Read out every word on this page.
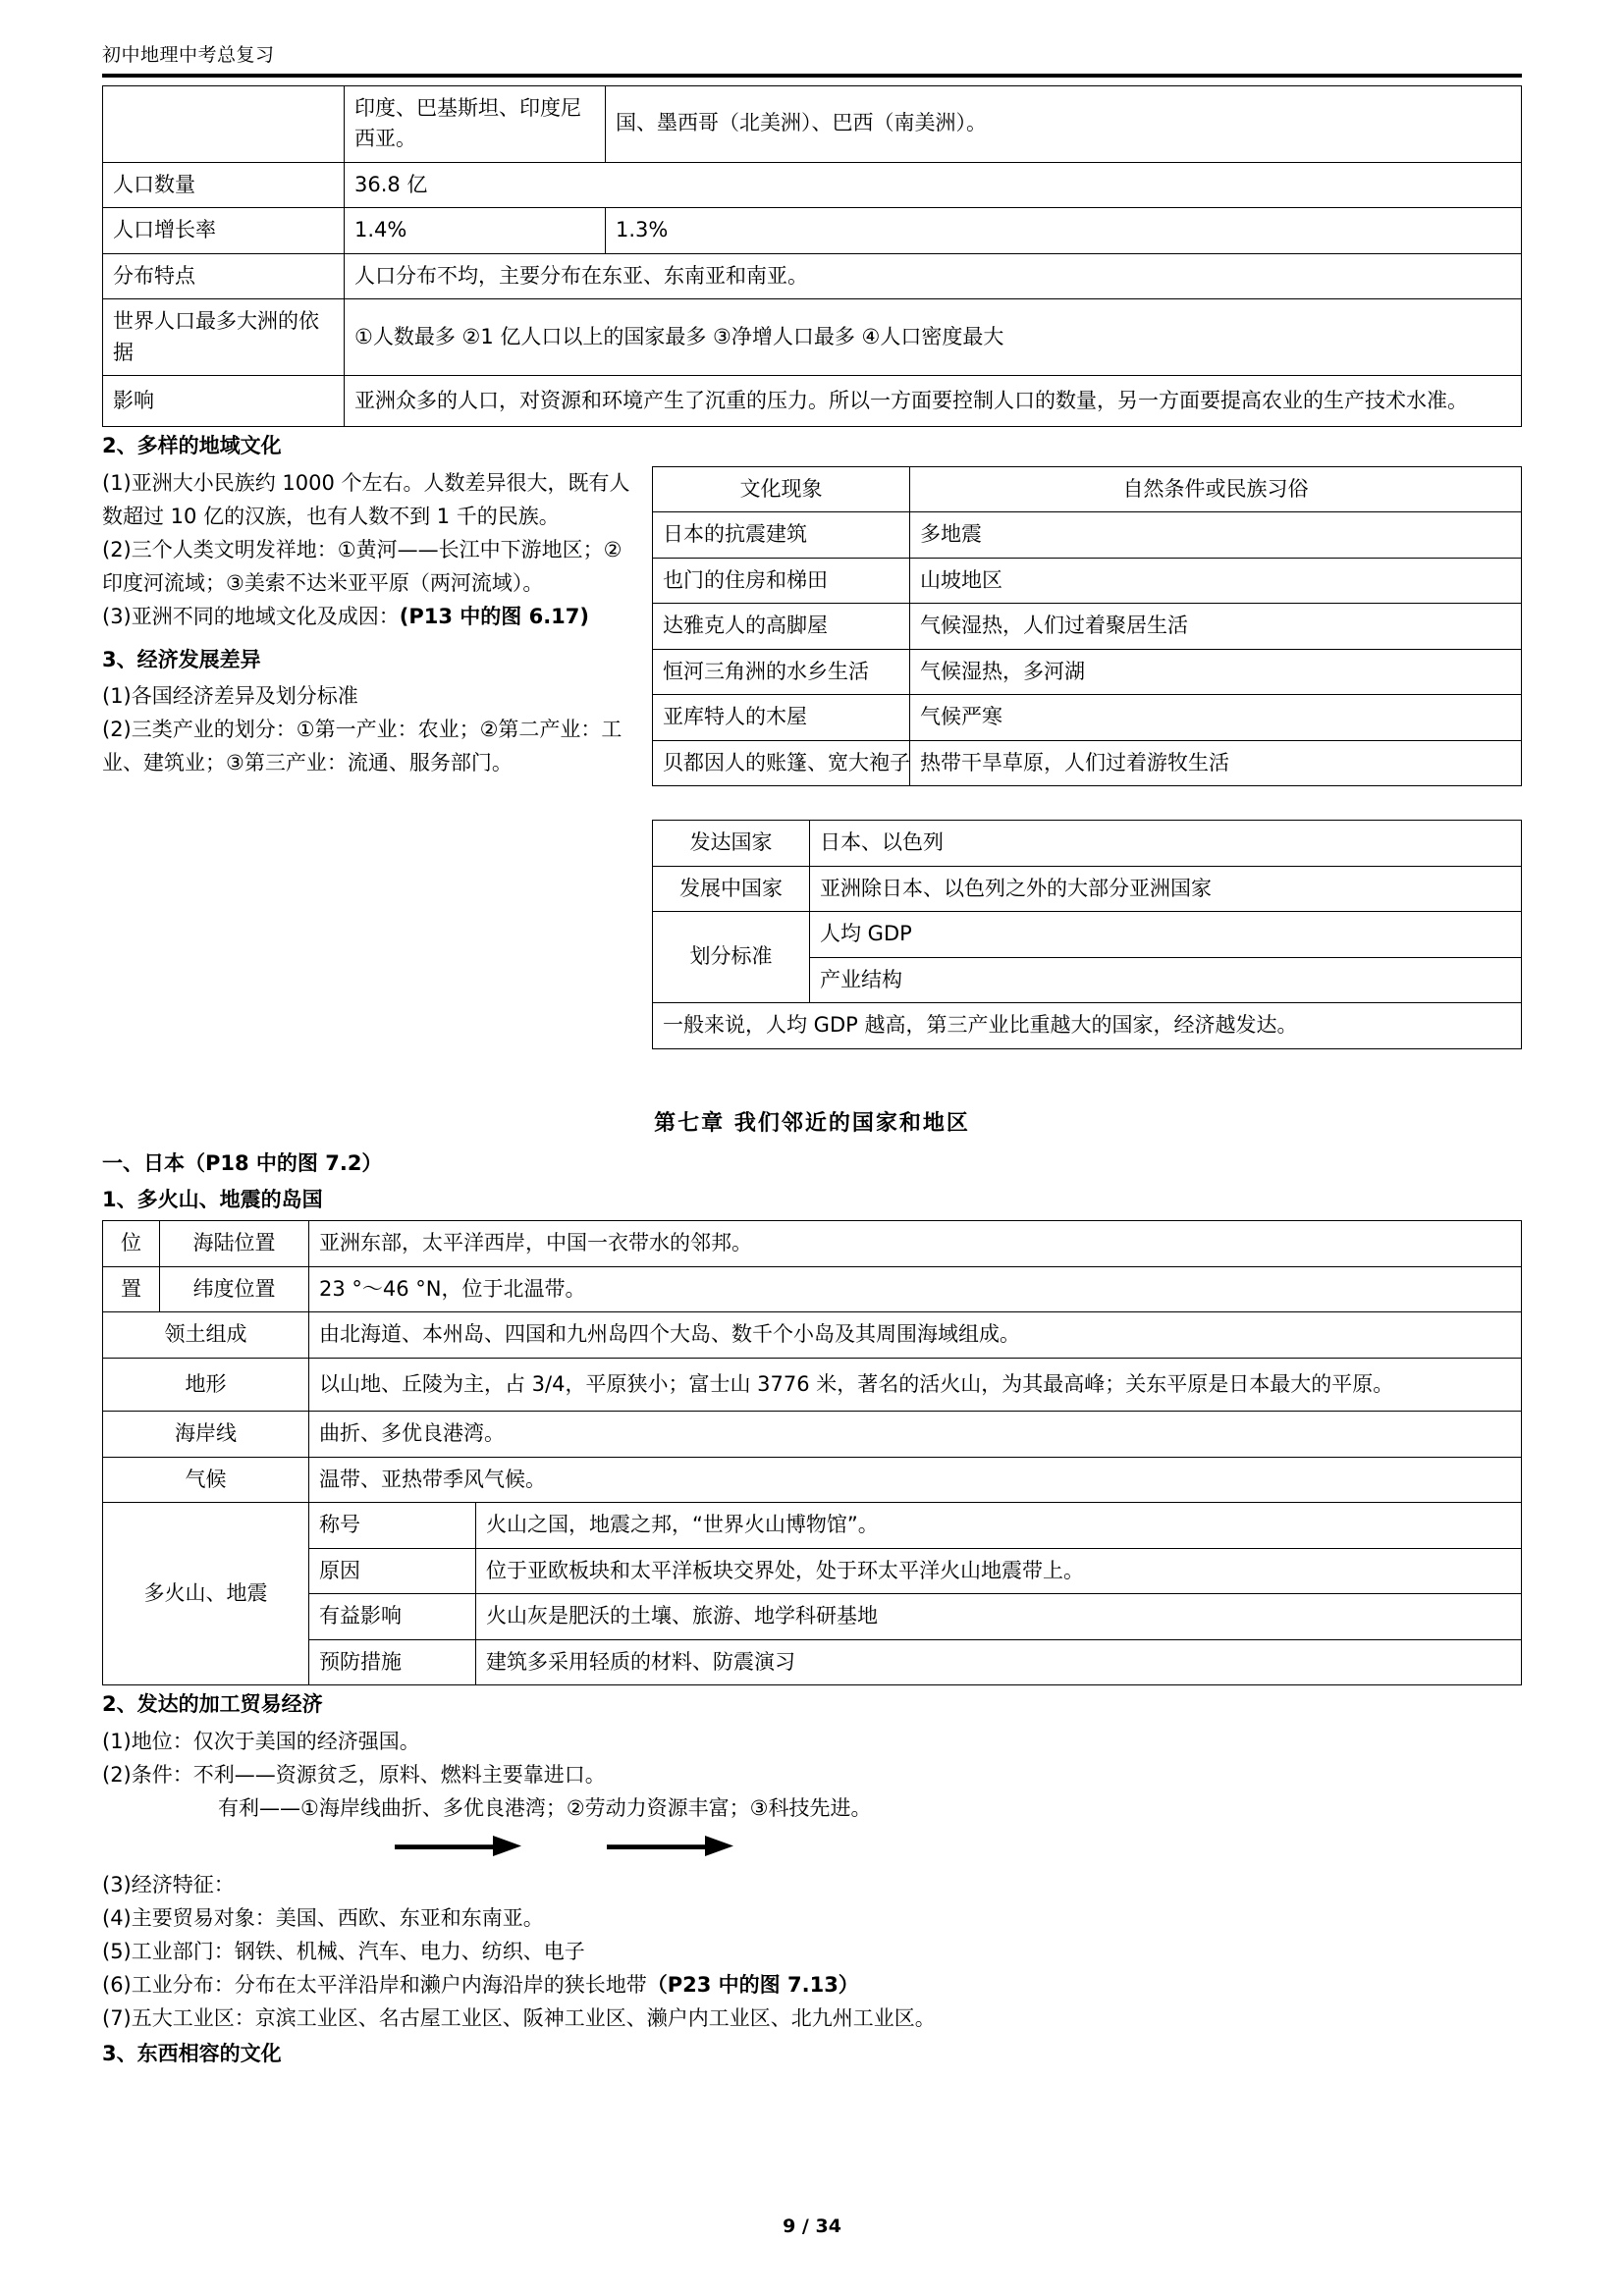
初中地理中考总复习
	印度、巴基斯坦、印度尼西亚。	国、墨西哥（北美洲）、巴西（南美洲）。
人口数量	36.8 亿	
人口增长率	1.4%	1.3%
分布特点	人口分布不均，主要分布在东亚、东南亚和南亚。	
世界人口最多大洲的依据	①人数最多 ②1 亿人口以上的国家最多 ③净增人口最多 ④人口密度最大	
影响	亚洲众多的人口，对资源和环境产生了沉重的压力。所以一方面要控制人口的数量，另一方面要提高农业的生产技术水准。	
2、多样的地域文化

(1)亚洲大小民族约 1000 个左右。人数差异很大，既有人数超过 10 亿的汉族，也有人数不到 1 千的民族。

(2)三个人类文明发祥地：①黄河——长江中下游地区；②印度河流域；③美索不达米亚平原（两河流域）。

(3)亚洲不同的地域文化及成因：(P13 中的图 6.17)

3、经济发展差异

(1)各国经济差异及划分标准

(2)三类产业的划分：①第一产业：农业；②第二产业：工业、建筑业；③第三产业：流通、服务部门。

文化现象	自然条件或民族习俗
日本的抗震建筑	多地震
也门的住房和梯田	山坡地区
达雅克人的高脚屋	气候湿热，人们过着聚居生活
恒河三角洲的水乡生活	气候湿热，多河湖
亚库特人的木屋	气候严寒
贝都因人的账篷、宽大袍子	热带干旱草原，人们过着游牧生活
发达国家	日本、以色列
发展中国家	亚洲除日本、以色列之外的大部分亚洲国家
划分标准	人均 GDP
	产业结构
一般来说，人均 GDP 越高，第三产业比重越大的国家，经济越发达。	
第七章 我们邻近的国家和地区
一、日本（P18 中的图 7.2）
1、多火山、地震的岛国
位	海陆位置	亚洲东部，太平洋西岸，中国一衣带水的邻邦。	
置	纬度位置	23 °～46 °N，位于北温带。	
领土组成		由北海道、本州岛、四国和九州岛四个大岛、数千个小岛及其周围海域组成。	
地形		以山地、丘陵为主，占 3/4，平原狭小；富士山 3776 米，著名的活火山，为其最高峰；关东平原是日本最大的平原。	
海岸线		曲折、多优良港湾。	
气候		温带、亚热带季风气候。	
多火山、地震		称号	火山之国，地震之邦，“世界火山博物馆”。
		原因	位于亚欧板块和太平洋板块交界处，处于环太平洋火山地震带上。
		有益影响	火山灰是肥沃的土壤、旅游、地学科研基地
		预防措施	建筑多采用轻质的材料、防震演习
2、发达的加工贸易经济

(1)地位：仅次于美国的经济强国。

(2)条件：不利——资源贫乏，原料、燃料主要靠进口。

有利——①海岸线曲折、多优良港湾；②劳动力资源丰富；③科技先进。

(3)经济特征：

(4)主要贸易对象：美国、西欧、东亚和东南亚。

(5)工业部门：钢铁、机械、汽车、电力、纺织、电子

(6)工业分布：分布在太平洋沿岸和濑户内海沿岸的狭长地带（P23 中的图 7.13）

(7)五大工业区：京滨工业区、名古屋工业区、阪神工业区、濑户内工业区、北九州工业区。

3、东西相容的文化
9 / 34
